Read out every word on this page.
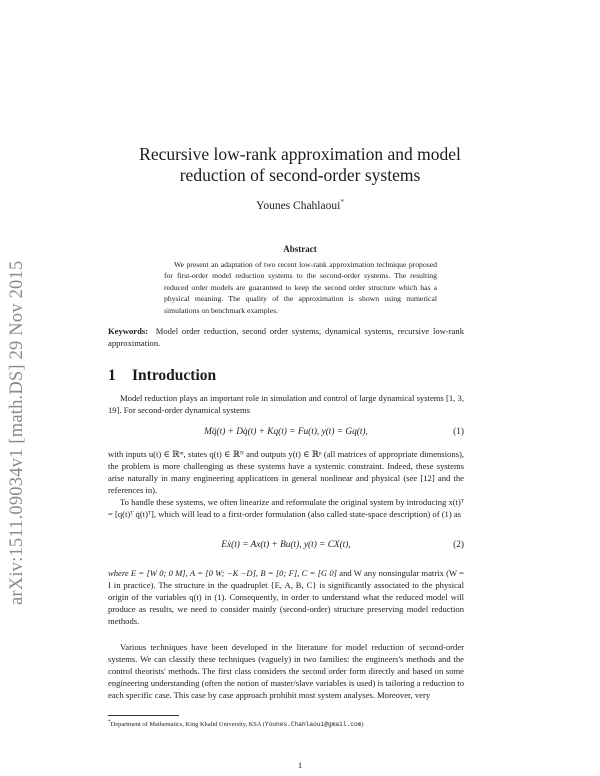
arXiv:1511.09034v1 [math.DS] 29 Nov 2015
Recursive low-rank approximation and model
reduction of second-order systems
Younes Chahlaoui*
Abstract
We present an adaptation of two recent low-rank approximation technique proposed for first-order model reduction systems to the second-order systems. The resulting reduced order models are guaranteed to keep the second order structure which has a physical meaning. The quality of the approximation is shown using numerical simulations on benchmark examples.
Keywords: Model order reduction, second order systems, dynamical systems, recursive low-rank approximation.
1 Introduction

Model reduction plays an important role in simulation and control of large dynamical systems [1, 3, 19]. For second-order dynamical systems

Mq̈(t) + Dq̇(t) + Kq(t) = Fu(t), y(t) = Gq(t),	(1)

with inputs u(t) ∈ ℝᵐ, states q(t) ∈ ℝᴺ and outputs y(t) ∈ ℝᵖ (all matrices of appropriate dimensions), the problem is more challenging as these systems have a systemic constraint. Indeed, these systems arise naturally in many engineering applications in general nonlinear and physical (see [12] and the references in).

To handle these systems, we often linearize and reformulate the original system by introducing x(t)ᵀ = [q(t)ᵀ q̇(t)ᵀ], which will lead to a first-order formulation (also called state-space description) of (1) as

Eẋ(t) = Ax(t) + Bu(t), y(t) = CX(t),	(2)

where E = [W 0; 0 M], A = [0 W; −K −D], B = [0; F], C = [G 0] and W any nonsingular matrix (W = I in practice). The structure in the quadruplet {E, A, B, C} is significantly associated to the physical origin of the variables q(t) in (1). Consequently, in order to understand what the reduced model will produce as results, we need to consider mainly (second-order) structure preserving model reduction methods.

Various techniques have been developed in the literature for model reduction of second-order systems. We can classify these techniques (vaguely) in two families: the engineers's methods and the control theorists' methods. The first class considers the second order form directly and based on some engineering understanding (often the notion of master/slave variables is used) is tailoring a reduction to each specific case. This case by case approach prohibit most system analyses. Moreover, very

*Department of Mathematics, King Khalid University, KSA (Younes.Chahlaoui@gmail.com)
1
